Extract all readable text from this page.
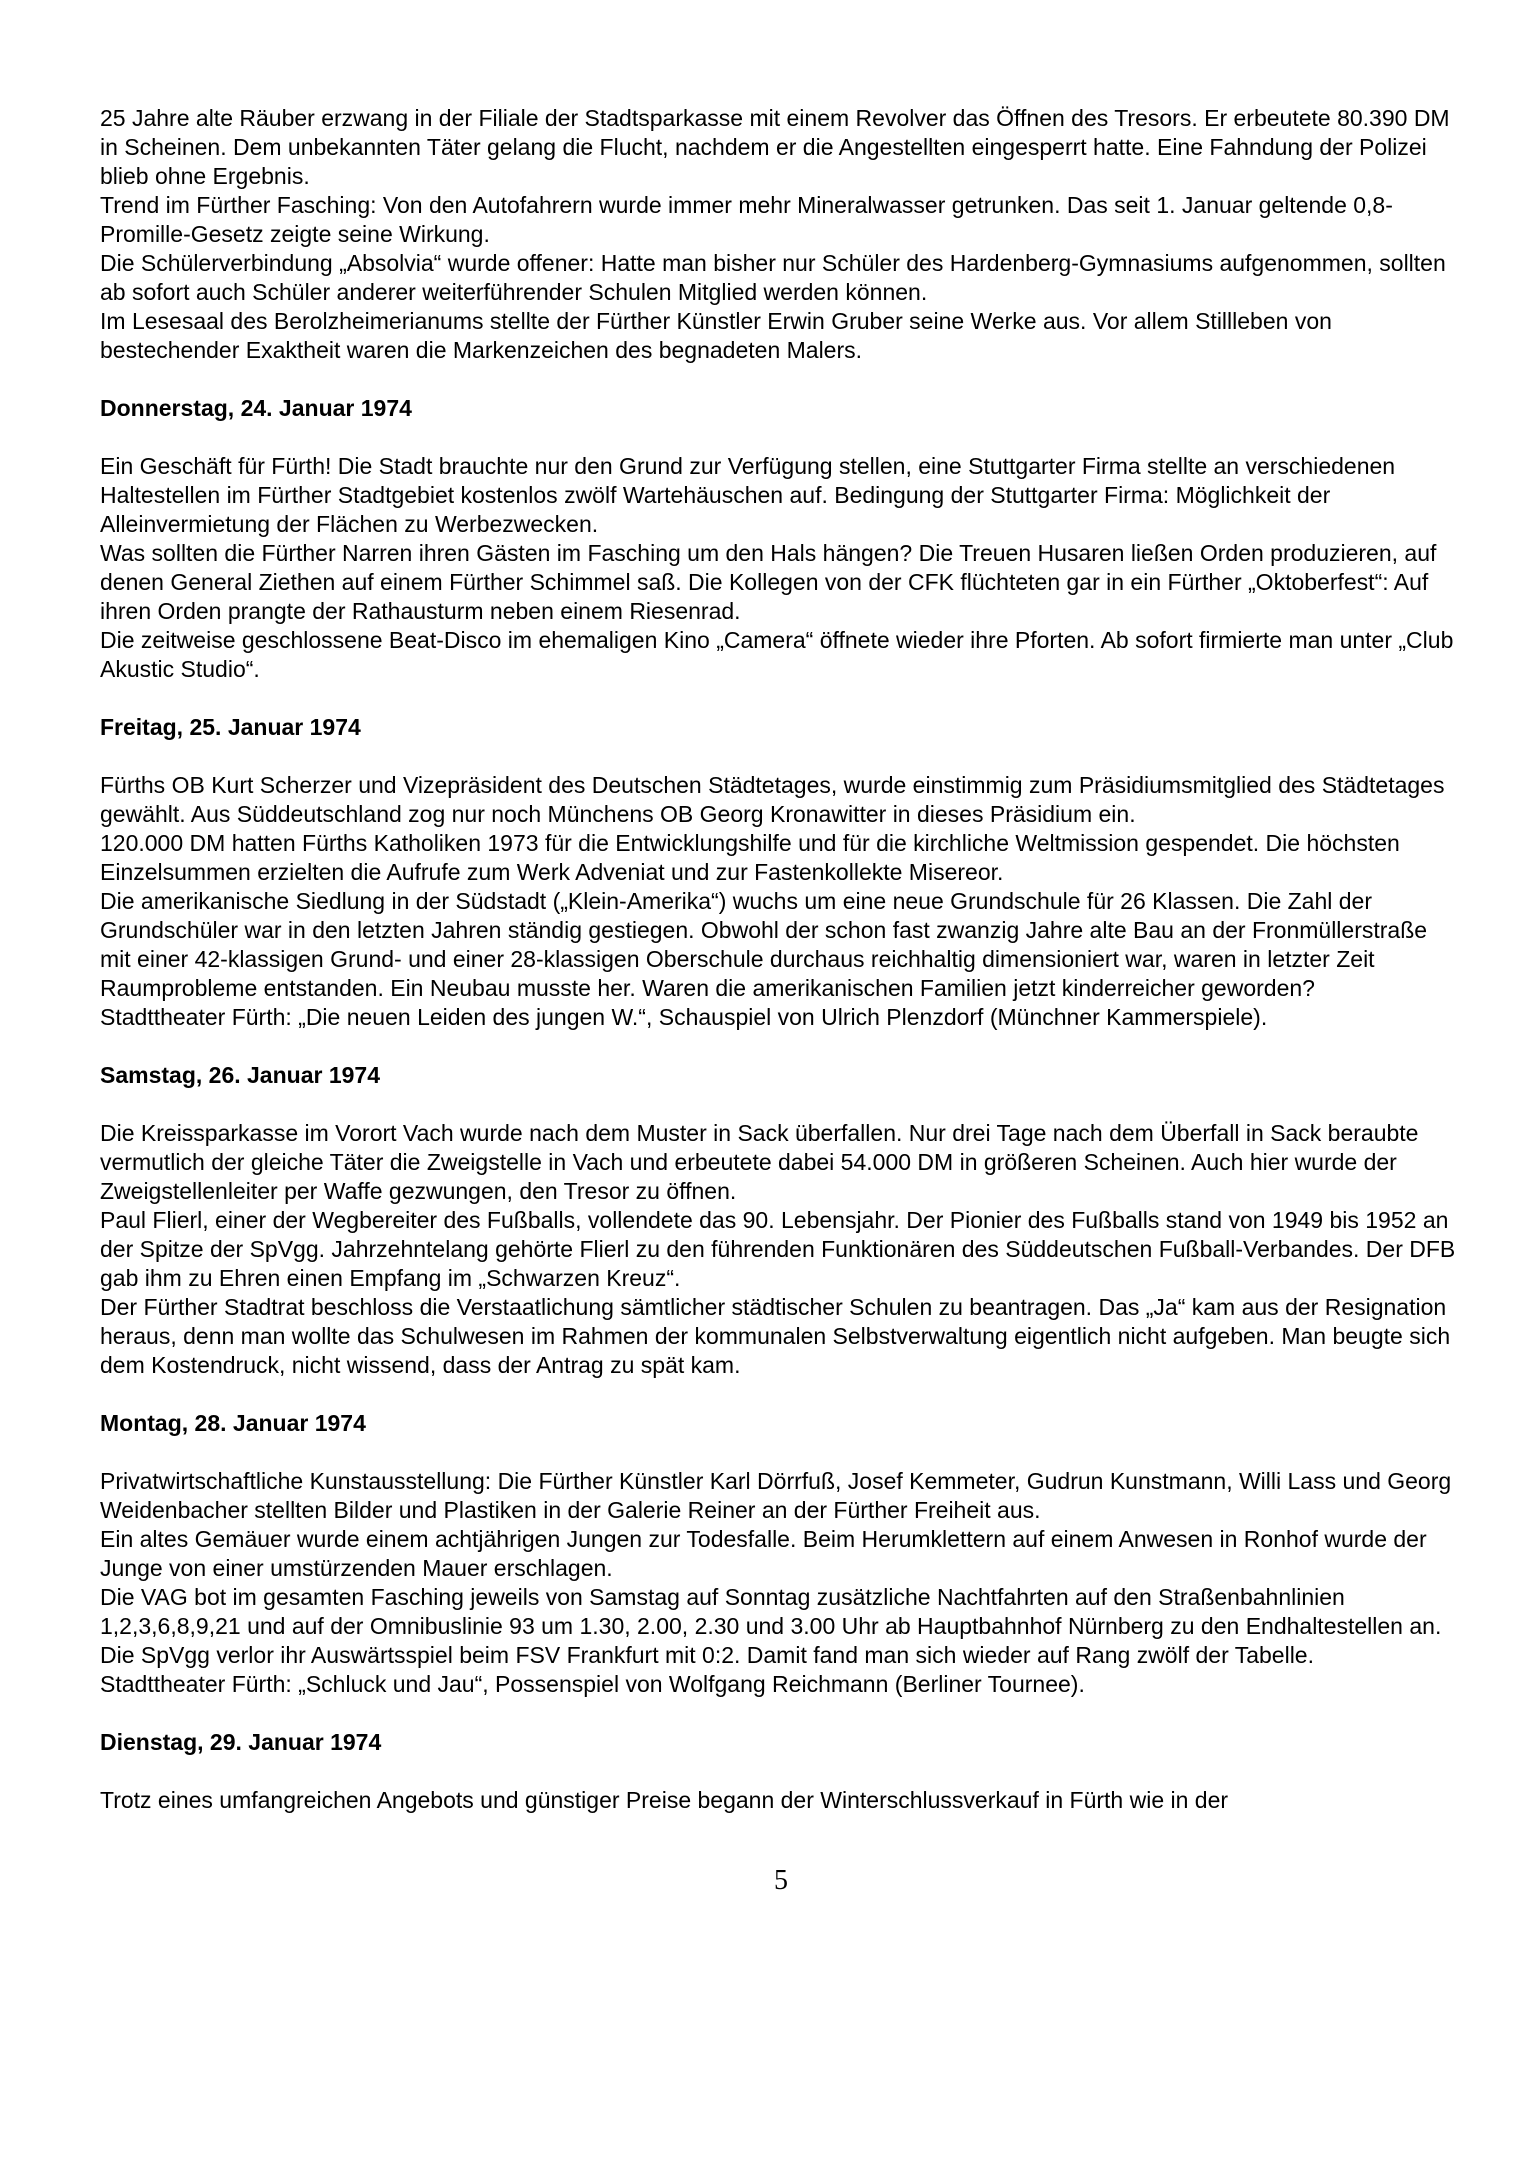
25 Jahre alte Räuber erzwang in der Filiale der Stadtsparkasse mit einem Revolver das Öffnen des Tresors. Er erbeutete 80.390 DM in Scheinen. Dem unbekannten Täter gelang die Flucht, nachdem er die Angestellten eingesperrt hatte. Eine Fahndung der Polizei blieb ohne Ergebnis.

Trend im Fürther Fasching: Von den Autofahrern wurde immer mehr Mineralwasser getrunken. Das seit 1. Januar geltende 0,8-Promille-Gesetz zeigte seine Wirkung.

Die Schülerverbindung „Absolvia“ wurde offener: Hatte man bisher nur Schüler des Hardenberg-Gymnasiums aufgenommen, sollten ab sofort auch Schüler anderer weiterführender Schulen Mitglied werden können.

Im Lesesaal des Berolzheimerianums stellte der Fürther Künstler Erwin Gruber seine Werke aus. Vor allem Stillleben von bestechender Exaktheit waren die Markenzeichen des begnadeten Malers.

Donnerstag, 24. Januar 1974

Ein Geschäft für Fürth! Die Stadt brauchte nur den Grund zur Verfügung stellen, eine Stuttgarter Firma stellte an verschiedenen Haltestellen im Fürther Stadtgebiet kostenlos zwölf Wartehäuschen auf. Bedingung der Stuttgarter Firma: Möglichkeit der Alleinvermietung der Flächen zu Werbezwecken.

Was sollten die Fürther Narren ihren Gästen im Fasching um den Hals hängen? Die Treuen Husaren ließen Orden produzieren, auf denen General Ziethen auf einem Fürther Schimmel saß. Die Kollegen von der CFK flüchteten gar in ein Fürther „Oktoberfest“: Auf ihren Orden prangte der Rathausturm neben einem Riesenrad.

Die zeitweise geschlossene Beat-Disco im ehemaligen Kino „Camera“ öffnete wieder ihre Pforten. Ab sofort firmierte man unter „Club Akustic Studio“.

Freitag, 25. Januar 1974

Fürths OB Kurt Scherzer und Vizepräsident des Deutschen Städtetages, wurde einstimmig zum Präsidiumsmitglied des Städtetages gewählt. Aus Süddeutschland zog nur noch Münchens OB Georg Kronawitter in dieses Präsidium ein.

120.000 DM hatten Fürths Katholiken 1973 für die Entwicklungshilfe und für die kirchliche Weltmission gespendet. Die höchsten Einzelsummen erzielten die Aufrufe zum Werk Adveniat und zur Fastenkollekte Misereor.

Die amerikanische Siedlung in der Südstadt („Klein-Amerika“) wuchs um eine neue Grundschule für 26 Klassen. Die Zahl der Grundschüler war in den letzten Jahren ständig gestiegen. Obwohl der schon fast zwanzig Jahre alte Bau an der Fronmüllerstraße mit einer 42-klassigen Grund- und einer 28-klassigen Oberschule durchaus reichhaltig dimensioniert war, waren in letzter Zeit Raumprobleme entstanden. Ein Neubau musste her. Waren die amerikanischen Familien jetzt kinderreicher geworden?

Stadttheater Fürth: „Die neuen Leiden des jungen W.“, Schauspiel von Ulrich Plenzdorf (Münchner Kammerspiele).

Samstag, 26. Januar 1974

Die Kreissparkasse im Vorort Vach wurde nach dem Muster in Sack überfallen. Nur drei Tage nach dem Überfall in Sack beraubte vermutlich der gleiche Täter die Zweigstelle in Vach und erbeutete dabei 54.000 DM in größeren Scheinen. Auch hier wurde der Zweigstellenleiter per Waffe gezwungen, den Tresor zu öffnen.

Paul Flierl, einer der Wegbereiter des Fußballs, vollendete das 90. Lebensjahr. Der Pionier des Fußballs stand von 1949 bis 1952 an der Spitze der SpVgg. Jahrzehntelang gehörte Flierl zu den führenden Funktionären des Süddeutschen Fußball-Verbandes. Der DFB gab ihm zu Ehren einen Empfang im „Schwarzen Kreuz“.

Der Fürther Stadtrat beschloss die Verstaatlichung sämtlicher städtischer Schulen zu beantragen. Das „Ja“ kam aus der Resignation heraus, denn man wollte das Schulwesen im Rahmen der kommunalen Selbstverwaltung eigentlich nicht aufgeben. Man beugte sich dem Kostendruck, nicht wissend, dass der Antrag zu spät kam.

Montag, 28. Januar 1974

Privatwirtschaftliche Kunstausstellung: Die Fürther Künstler Karl Dörrfuß, Josef Kemmeter, Gudrun Kunstmann, Willi Lass und Georg Weidenbacher stellten Bilder und Plastiken in der Galerie Reiner an der Fürther Freiheit aus.

Ein altes Gemäuer wurde einem achtjährigen Jungen zur Todesfalle. Beim Herumklettern auf einem Anwesen in Ronhof wurde der Junge von einer umstürzenden Mauer erschlagen.

Die VAG bot im gesamten Fasching jeweils von Samstag auf Sonntag zusätzliche Nachtfahrten auf den Straßenbahnlinien 1,2,3,6,8,9,21 und auf der Omnibuslinie 93 um 1.30, 2.00, 2.30 und 3.00 Uhr ab Hauptbahnhof Nürnberg zu den Endhaltestellen an.

Die SpVgg verlor ihr Auswärtsspiel beim FSV Frankfurt mit 0:2. Damit fand man sich wieder auf Rang zwölf der Tabelle.

Stadttheater Fürth: „Schluck und Jau“, Possenspiel von Wolfgang Reichmann (Berliner Tournee).

Dienstag, 29. Januar 1974

Trotz eines umfangreichen Angebots und günstiger Preise begann der Winterschlussverkauf in Fürth wie in der

5
